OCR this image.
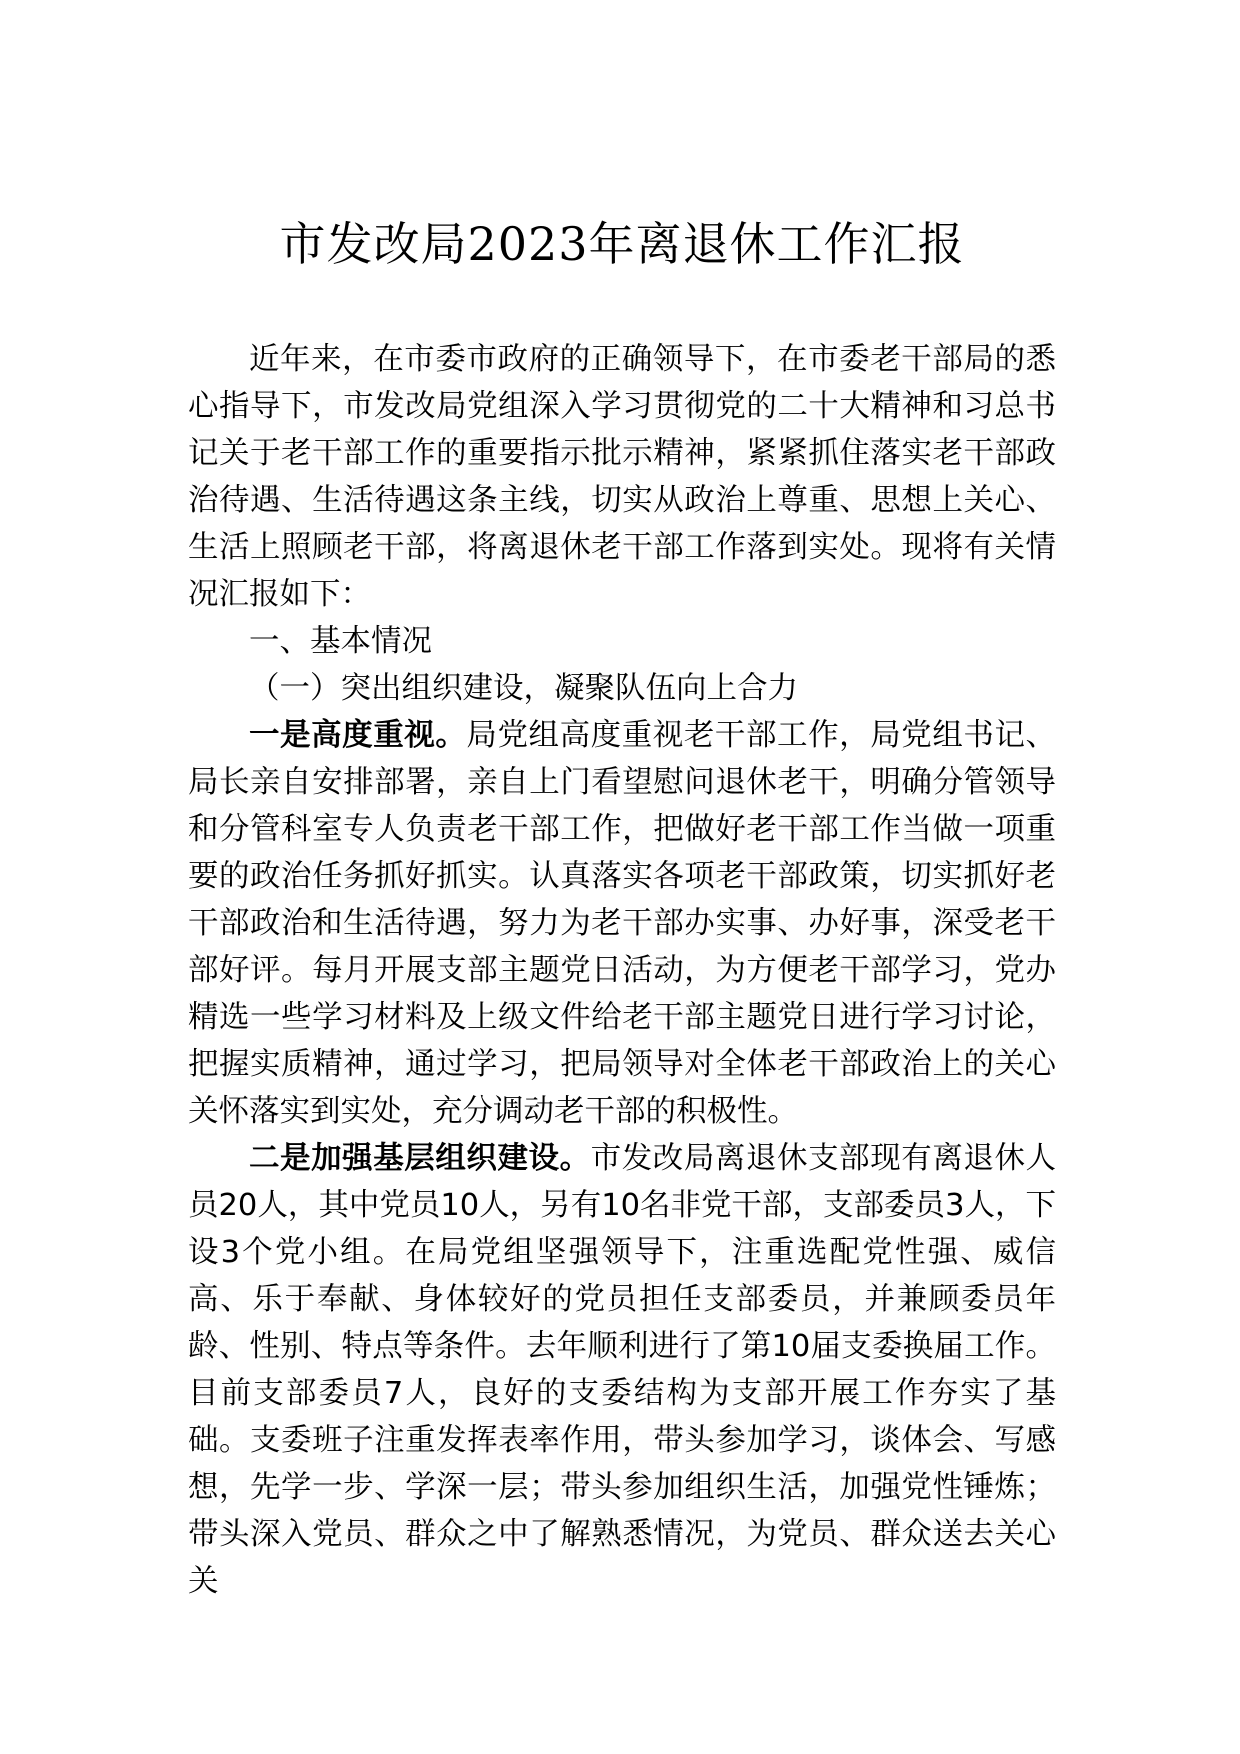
市发改局2023年离退休工作汇报

近年来，在市委市政府的正确领导下，在市委老干部局的悉心指导下，市发改局党组深入学习贯彻党的二十大精神和习总书记关于老干部工作的重要指示批示精神，紧紧抓住落实老干部政治待遇、生活待遇这条主线，切实从政治上尊重、思想上关心、生活上照顾老干部，将离退休老干部工作落到实处。现将有关情况汇报如下：

一、基本情况

（一）突出组织建设，凝聚队伍向上合力

一是高度重视。局党组高度重视老干部工作，局党组书记、局长亲自安排部署，亲自上门看望慰问退休老干，明确分管领导和分管科室专人负责老干部工作，把做好老干部工作当做一项重要的政治任务抓好抓实。认真落实各项老干部政策，切实抓好老干部政治和生活待遇，努力为老干部办实事、办好事，深受老干部好评。每月开展支部主题党日活动，为方便老干部学习，党办精选一些学习材料及上级文件给老干部主题党日进行学习讨论，把握实质精神，通过学习，把局领导对全体老干部政治上的关心关怀落实到实处，充分调动老干部的积极性。

二是加强基层组织建设。市发改局离退休支部现有离退休人员20人，其中党员10人，另有10名非党干部，支部委员3人，下设3个党小组。在局党组坚强领导下，注重选配党性强、威信高、乐于奉献、身体较好的党员担任支部委员，并兼顾委员年龄、性别、特点等条件。去年顺利进行了第10届支委换届工作。目前支部委员7人，良好的支委结构为支部开展工作夯实了基础。支委班子注重发挥表率作用，带头参加学习，谈体会、写感想，先学一步、学深一层；带头参加组织生活，加强党性锤炼；带头深入党员、群众之中了解熟悉情况，为党员、群众送去关心关
